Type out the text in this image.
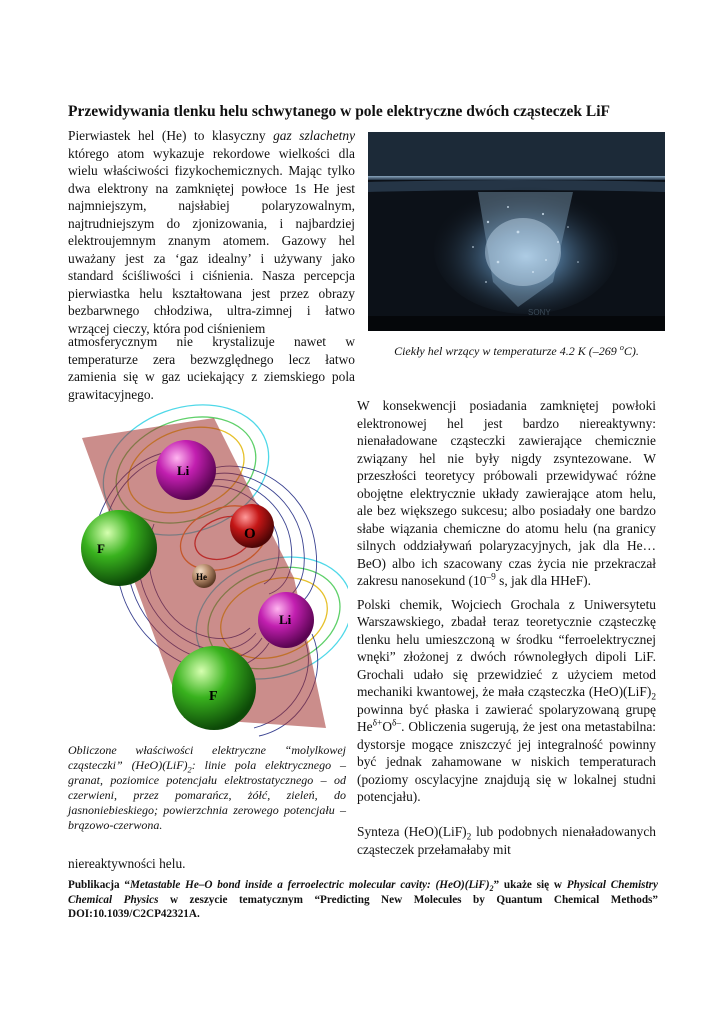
Przewidywania tlenku helu schwytanego w pole elektryczne dwóch cząsteczek LiF
Pierwiastek hel (He) to klasyczny gaz szlachetny którego atom wykazuje rekordowe wielkości dla wielu właściwości fizykochemicznych. Mając tylko dwa elektrony na zamkniętej powłoce 1s He jest najmniejszym, najsłabiej polaryzowalnym, najtrudniejszym do zjonizowania, i najbardziej elektroujemnym znanym atomem. Gazowy hel uważany jest za ‘gaz idealny’ i używany jako standard ściśliwości i ciśnienia. Nasza percepcja pierwiastka helu kształtowana jest przez obrazy bezbarwnego chłodziwa, ultra-zimnej i łatwo wrzącej cieczy, która pod ciśnieniem
SONY
Ciekły hel wrzący w temperaturze 4.2 K (–269 $^o$C).
atmosferycznym nie krystalizuje nawet w temperaturze zera bezwzględnego lecz łatwo zamienia się w gaz uciekający z ziemskiego pola grawitacyjnego.
Li
F
O
He
Li
F
Obliczone właściwości elektryczne “molylkowej cząsteczki” $(HeO)(LiF)_2$: linie pola elektrycznego – granat, poziomice potencjału elektrostatycznego – od czerwieni, przez pomarańcz, żółć, zieleń, do jasnoniebieskiego; powierzchnia zerowego potencjału – brązowo-czerwona.

W konsekwencji posiadania zamkniętej powłoki elektronowej hel jest bardzo niereaktywny: nienaładowane cząsteczki zawierające chemicznie związany hel nie były nigdy zsyntezowane. W przeszłości teoretycy próbowali przewidywać różne obojętne elektrycznie układy zawierające atom helu, ale bez większego sukcesu; albo posiadały one bardzo słabe wiązania chemiczne do atomu helu (na granicy silnych oddziaływań polaryzacyjnych, jak dla He…BeO) albo ich szacowany czas życia nie przekraczał zakresu nanosekund ($10^{-9}$ s, jak dla HHeF).

Polski chemik, Wojciech Grochala z Uniwersytetu Warszawskiego, zbadał teraz teoretycznie cząsteczkę tlenku helu umieszczoną w środku “ferroelektrycznej wnęki” złożonej z dwóch równoległych dipoli LiF. Grochali udało się przewidzieć z użyciem metod mechaniki kwantowej, że mała cząsteczka $(HeO)(LiF)_2$ powinna być płaska i zawierać spolaryzowaną grupę $He^{\delta+}O^{\delta-}$. Obliczenia sugerują, że jest ona metastabilna: dystorsje mogące zniszczyć jej integralność powinny być jednak zahamowane w niskich temperaturach (poziomy oscylacyjne znajdują się w lokalnej studni potencjału).

Synteza $(HeO)(LiF)_2$ lub podobnych nienaładowanych cząsteczek przełamałaby mit
niereaktywności helu.
Publikacja “Metastable He–O bond inside a ferroelectric molecular cavity: $(HeO)(LiF)_2$” ukaże się w Physical Chemistry Chemical Physics w zeszycie tematycznym “Predicting New Molecules by Quantum Chemical Methods” DOI:10.1039/C2CP42321A.
